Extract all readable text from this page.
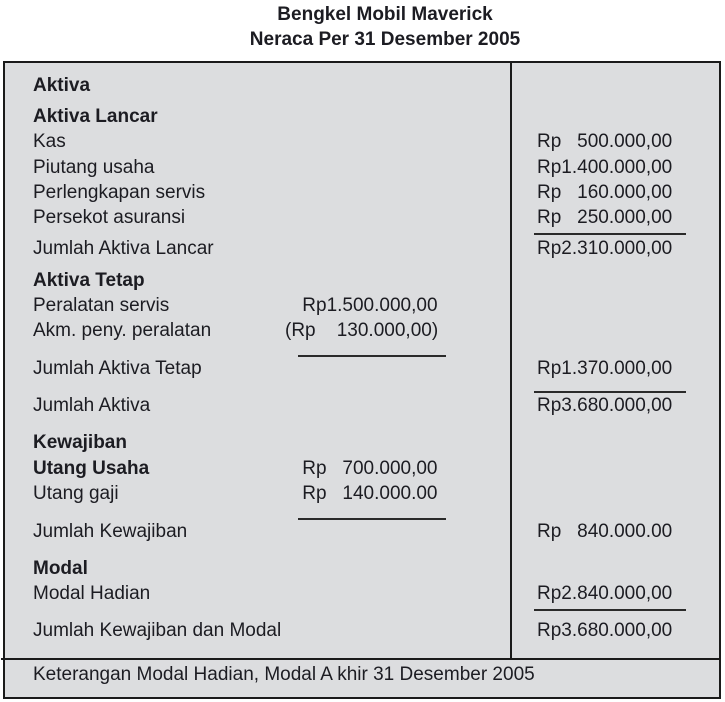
Bengkel Mobil Maverick
Neraca Per 31 Desember 2005
Aktiva
Aktiva Lancar
Kas	Rp   500.000,00
Piutang usaha	Rp1.400.000,00
Perlengkapan servis	Rp   160.000,00
Persekot asuransi	Rp   250.000,00
Jumlah Aktiva Lancar	Rp2.310.000,00
Aktiva Tetap
Peralatan servis	Rp1.500.000,00
Akm. peny. peralatan	(Rp    130.000,00)
Jumlah Aktiva Tetap	Rp1.370.000,00
Jumlah Aktiva	Rp3.680.000,00
Kewajiban
Utang Usaha	Rp   700.000,00
Utang gaji	Rp   140.000.00
Jumlah Kewajiban	Rp   840.000.00
Modal
Modal Hadian	Rp2.840.000,00
Jumlah Kewajiban dan Modal	Rp3.680.000,00
Keterangan Modal Hadian, Modal A khir 31 Desember 2005
